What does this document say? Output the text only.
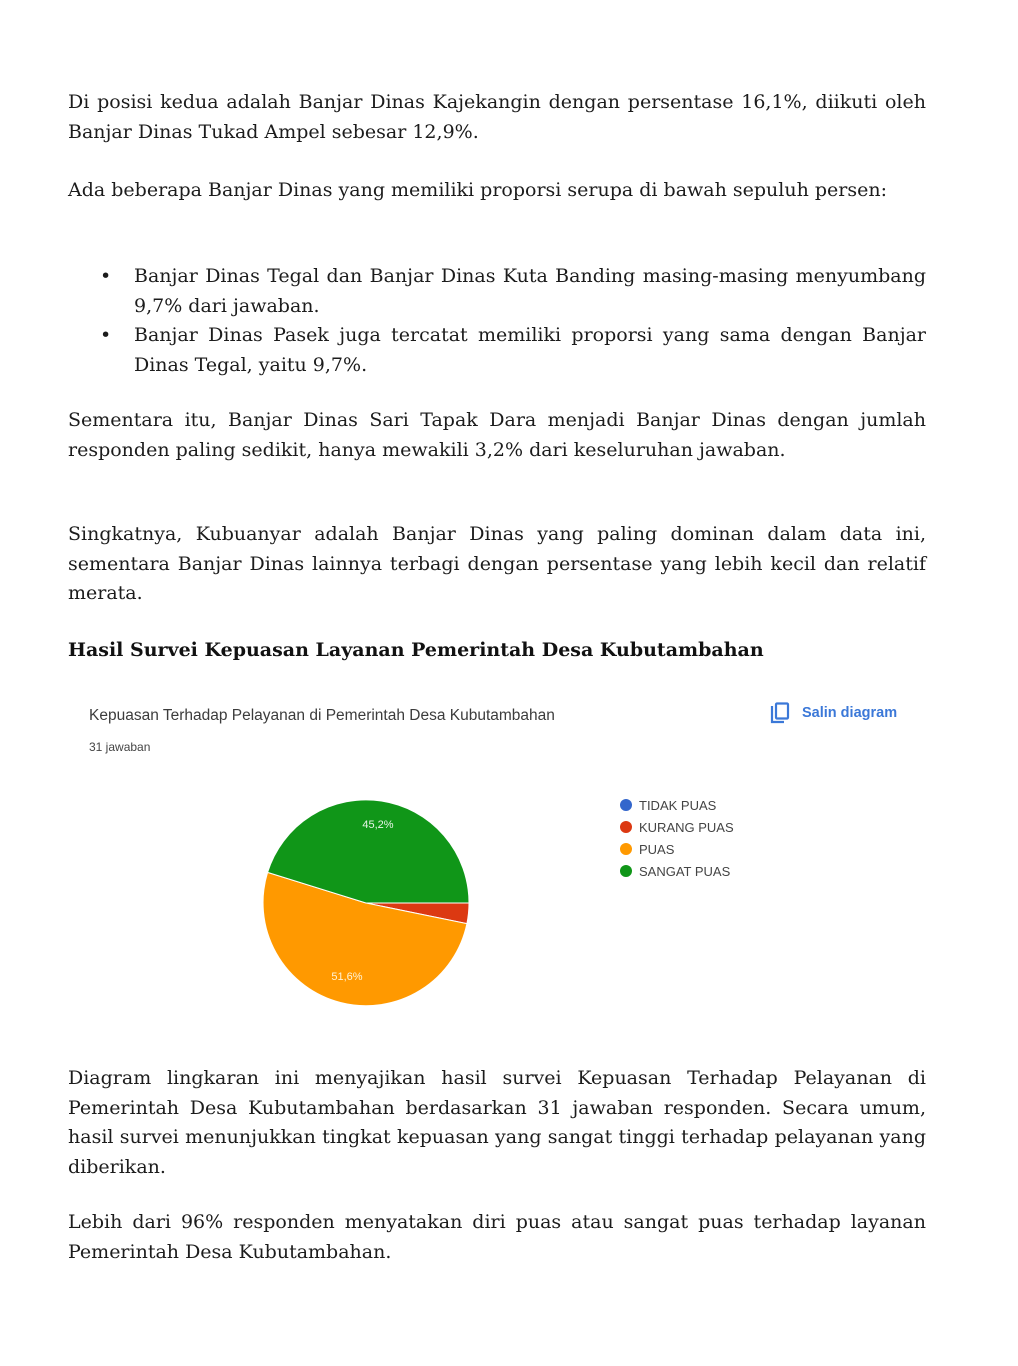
Di posisi kedua adalah Banjar Dinas Kajekangin dengan persentase 16,1%, diikuti oleh Banjar Dinas Tukad Ampel sebesar 12,9%.

Ada beberapa Banjar Dinas yang memiliki proporsi serupa di bawah sepuluh persen:

• Banjar Dinas Tegal dan Banjar Dinas Kuta Banding masing-masing menyumbang 9,7% dari jawaban.
• Banjar Dinas Pasek juga tercatat memiliki proporsi yang sama dengan Banjar Dinas Tegal, yaitu 9,7%.

Sementara itu, Banjar Dinas Sari Tapak Dara menjadi Banjar Dinas dengan jumlah responden paling sedikit, hanya mewakili 3,2% dari keseluruhan jawaban.

Singkatnya, Kubuanyar adalah Banjar Dinas yang paling dominan dalam data ini, sementara Banjar Dinas lainnya terbagi dengan persentase yang lebih kecil dan relatif merata.

Hasil Survei Kepuasan Layanan Pemerintah Desa Kubutambahan

Diagram lingkaran ini menyajikan hasil survei Kepuasan Terhadap Pelayanan di Pemerintah Desa Kubutambahan berdasarkan 31 jawaban responden. Secara umum, hasil survei menunjukkan tingkat kepuasan yang sangat tinggi terhadap pelayanan yang diberikan.

Lebih dari 96% responden menyatakan diri puas atau sangat puas terhadap layanan Pemerintah Desa Kubutambahan.

Kepuasan Terhadap Pelayanan di Pemerintah Desa Kubutambahan
31 jawaban
Salin diagram
45,2%
51,6%
TIDAK PUAS
KURANG PUAS
PUAS
SANGAT PUAS
